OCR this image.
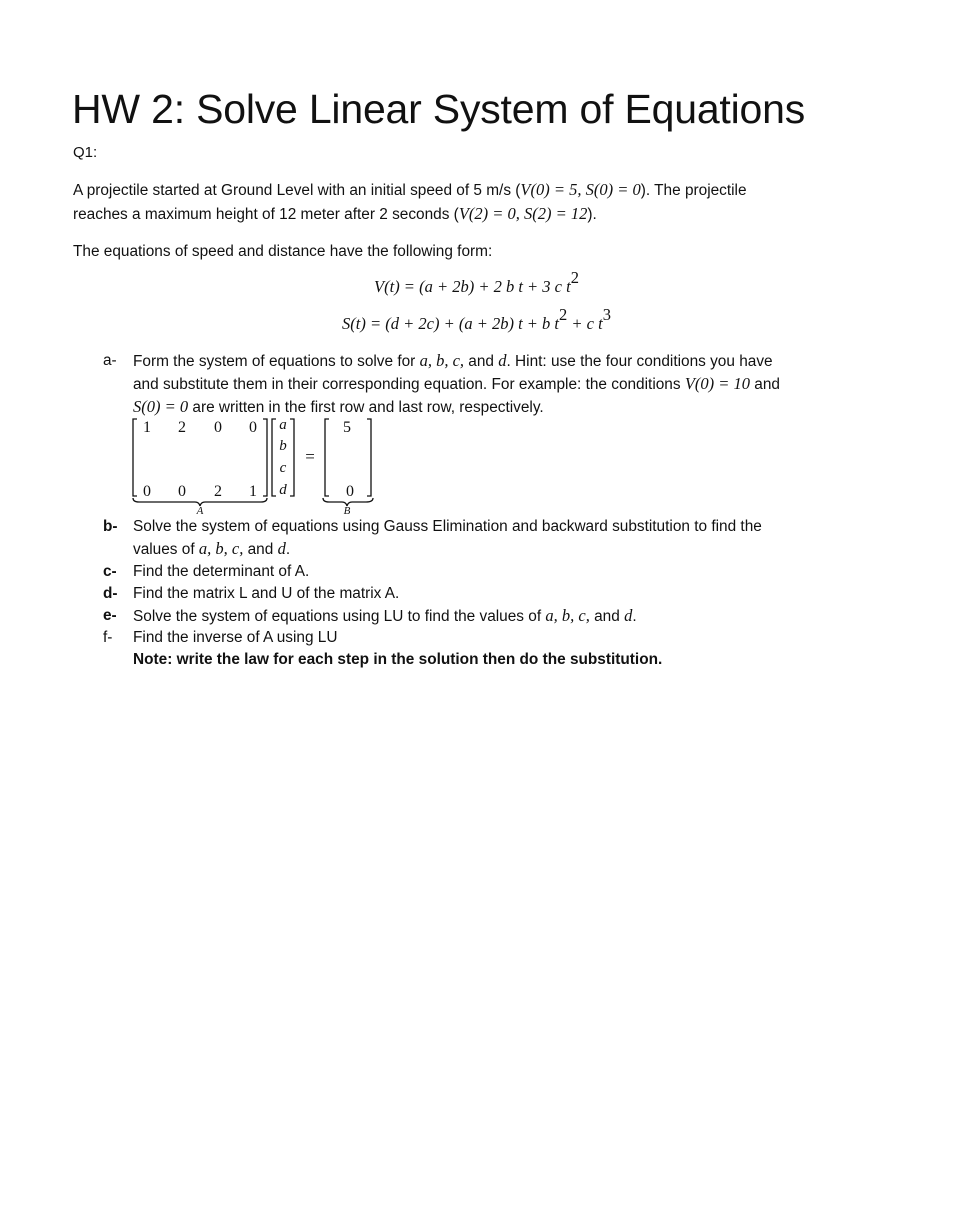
HW 2: Solve Linear System of Equations
Q1:
A projectile started at Ground Level with an initial speed of 5 m/s (V(0) = 5, S(0) = 0). The projectile
reaches a maximum height of 12 meter after 2 seconds (V(2) = 0, S(2) = 12).
The equations of speed and distance have the following form:
V(t) = (a + 2b) + 2 b t + 3 c $t^2$
S(t) = (d + 2c) + (a + 2b) t + b $t^2 + c$ $t^3$
a-	Form the system of equations to solve for a, b, c, and d. Hint: use the four conditions you have
and substitute them in their corresponding equation. For example: the conditions V(0) = 10 and
S(0) = 0 are written in the first row and last row, respectively.
1 2 0 0
0 0 2 1
a
b
c
d
=
5
0
A	B
b-	Solve the system of equations using Gauss Elimination and backward substitution to find the
values of a, b, c, and d.
c-	Find the determinant of A.
d-	Find the matrix L and U of the matrix A.
e-	Solve the system of equations using LU to find the values of a, b, c, and d.
f-	Find the inverse of A using LU
Note: write the law for each step in the solution then do the substitution.
